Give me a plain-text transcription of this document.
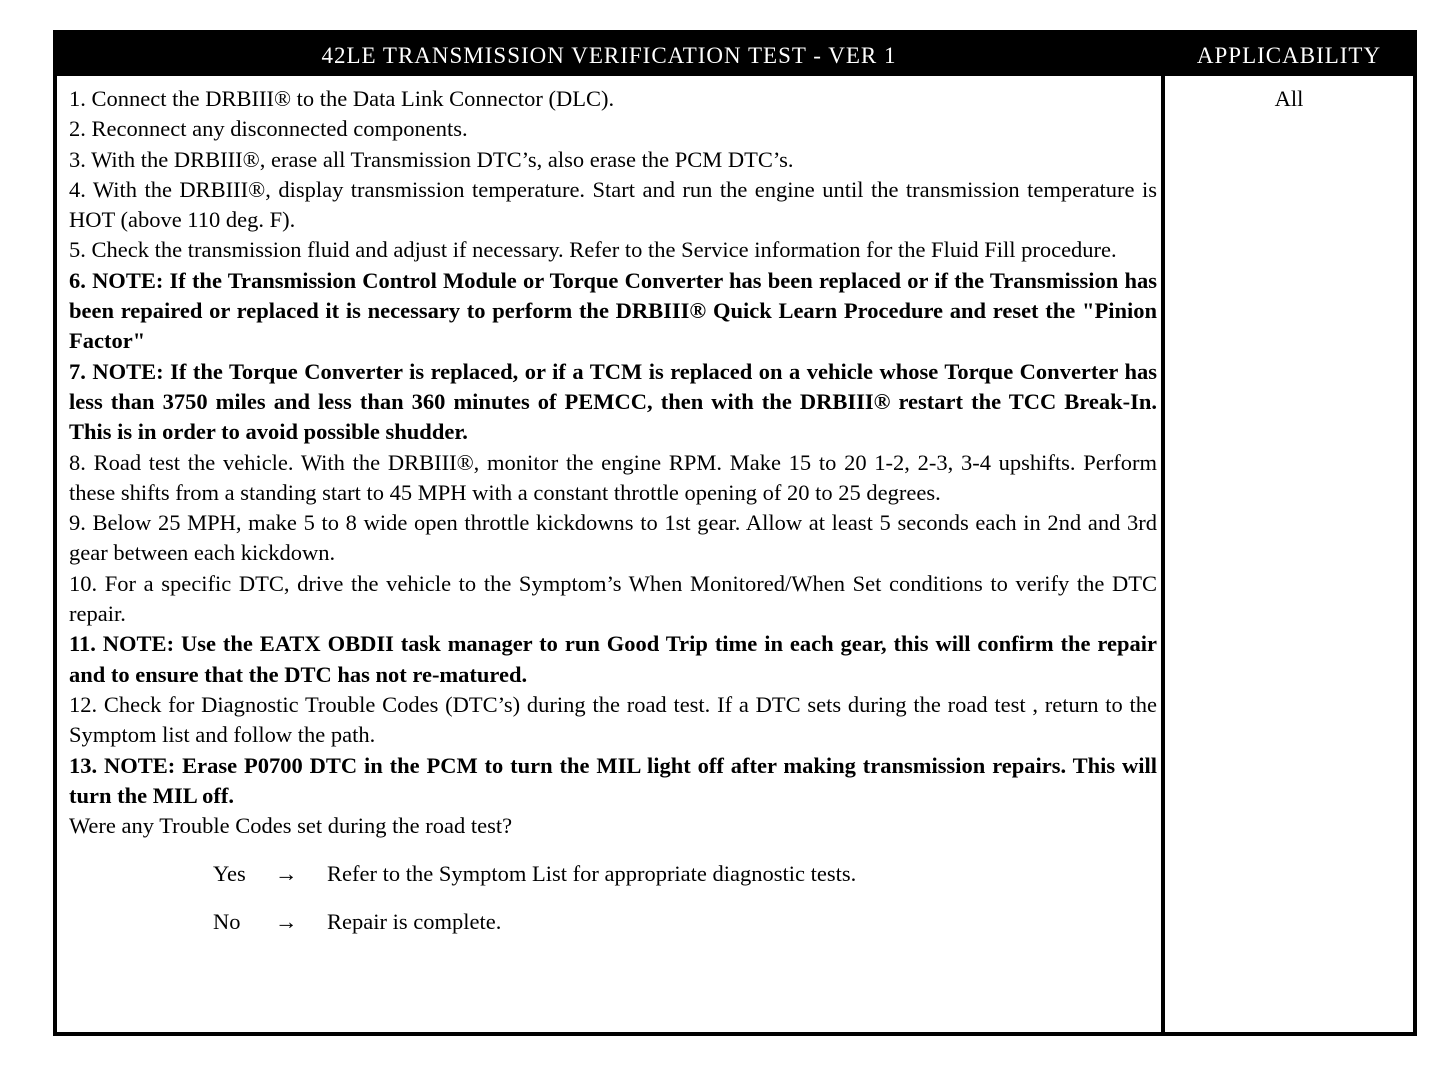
42LE TRANSMISSION VERIFICATION TEST - VER 1	APPLICABILITY
1. Connect the DRBIII® to the Data Link Connector (DLC).
2. Reconnect any disconnected components.
3. With the DRBIII®, erase all Transmission DTC’s, also erase the PCM DTC’s.
4. With the DRBIII®, display transmission temperature. Start and run the engine until the transmission temperature is HOT (above 110 deg. F).
5. Check the transmission fluid and adjust if necessary. Refer to the Service information for the Fluid Fill procedure.
6. NOTE: If the Transmission Control Module or Torque Converter has been replaced or if the Transmission has been repaired or replaced it is necessary to perform the DRBIII® Quick Learn Procedure and reset the "Pinion Factor"
7. NOTE: If the Torque Converter is replaced, or if a TCM is replaced on a vehicle whose Torque Converter has less than 3750 miles and less than 360 minutes of PEMCC, then with the DRBIII® restart the TCC Break-In. This is in order to avoid possible shudder.
8. Road test the vehicle. With the DRBIII®, monitor the engine RPM. Make 15 to 20 1-2, 2-3, 3-4 upshifts. Perform these shifts from a standing start to 45 MPH with a constant throttle opening of 20 to 25 degrees.
9. Below 25 MPH, make 5 to 8 wide open throttle kickdowns to 1st gear. Allow at least 5 seconds each in 2nd and 3rd gear between each kickdown.
10. For a specific DTC, drive the vehicle to the Symptom’s When Monitored/When Set conditions to verify the DTC repair.
11. NOTE: Use the EATX OBDII task manager to run Good Trip time in each gear, this will confirm the repair and to ensure that the DTC has not re-matured.
12. Check for Diagnostic Trouble Codes (DTC’s) during the road test. If a DTC sets during the road test , return to the Symptom list and follow the path.
13. NOTE: Erase P0700 DTC in the PCM to turn the MIL light off after making transmission repairs. This will turn the MIL off.
Were any Trouble Codes set during the road test?
Yes → Refer to the Symptom List for appropriate diagnostic tests.
No → Repair is complete.
All
